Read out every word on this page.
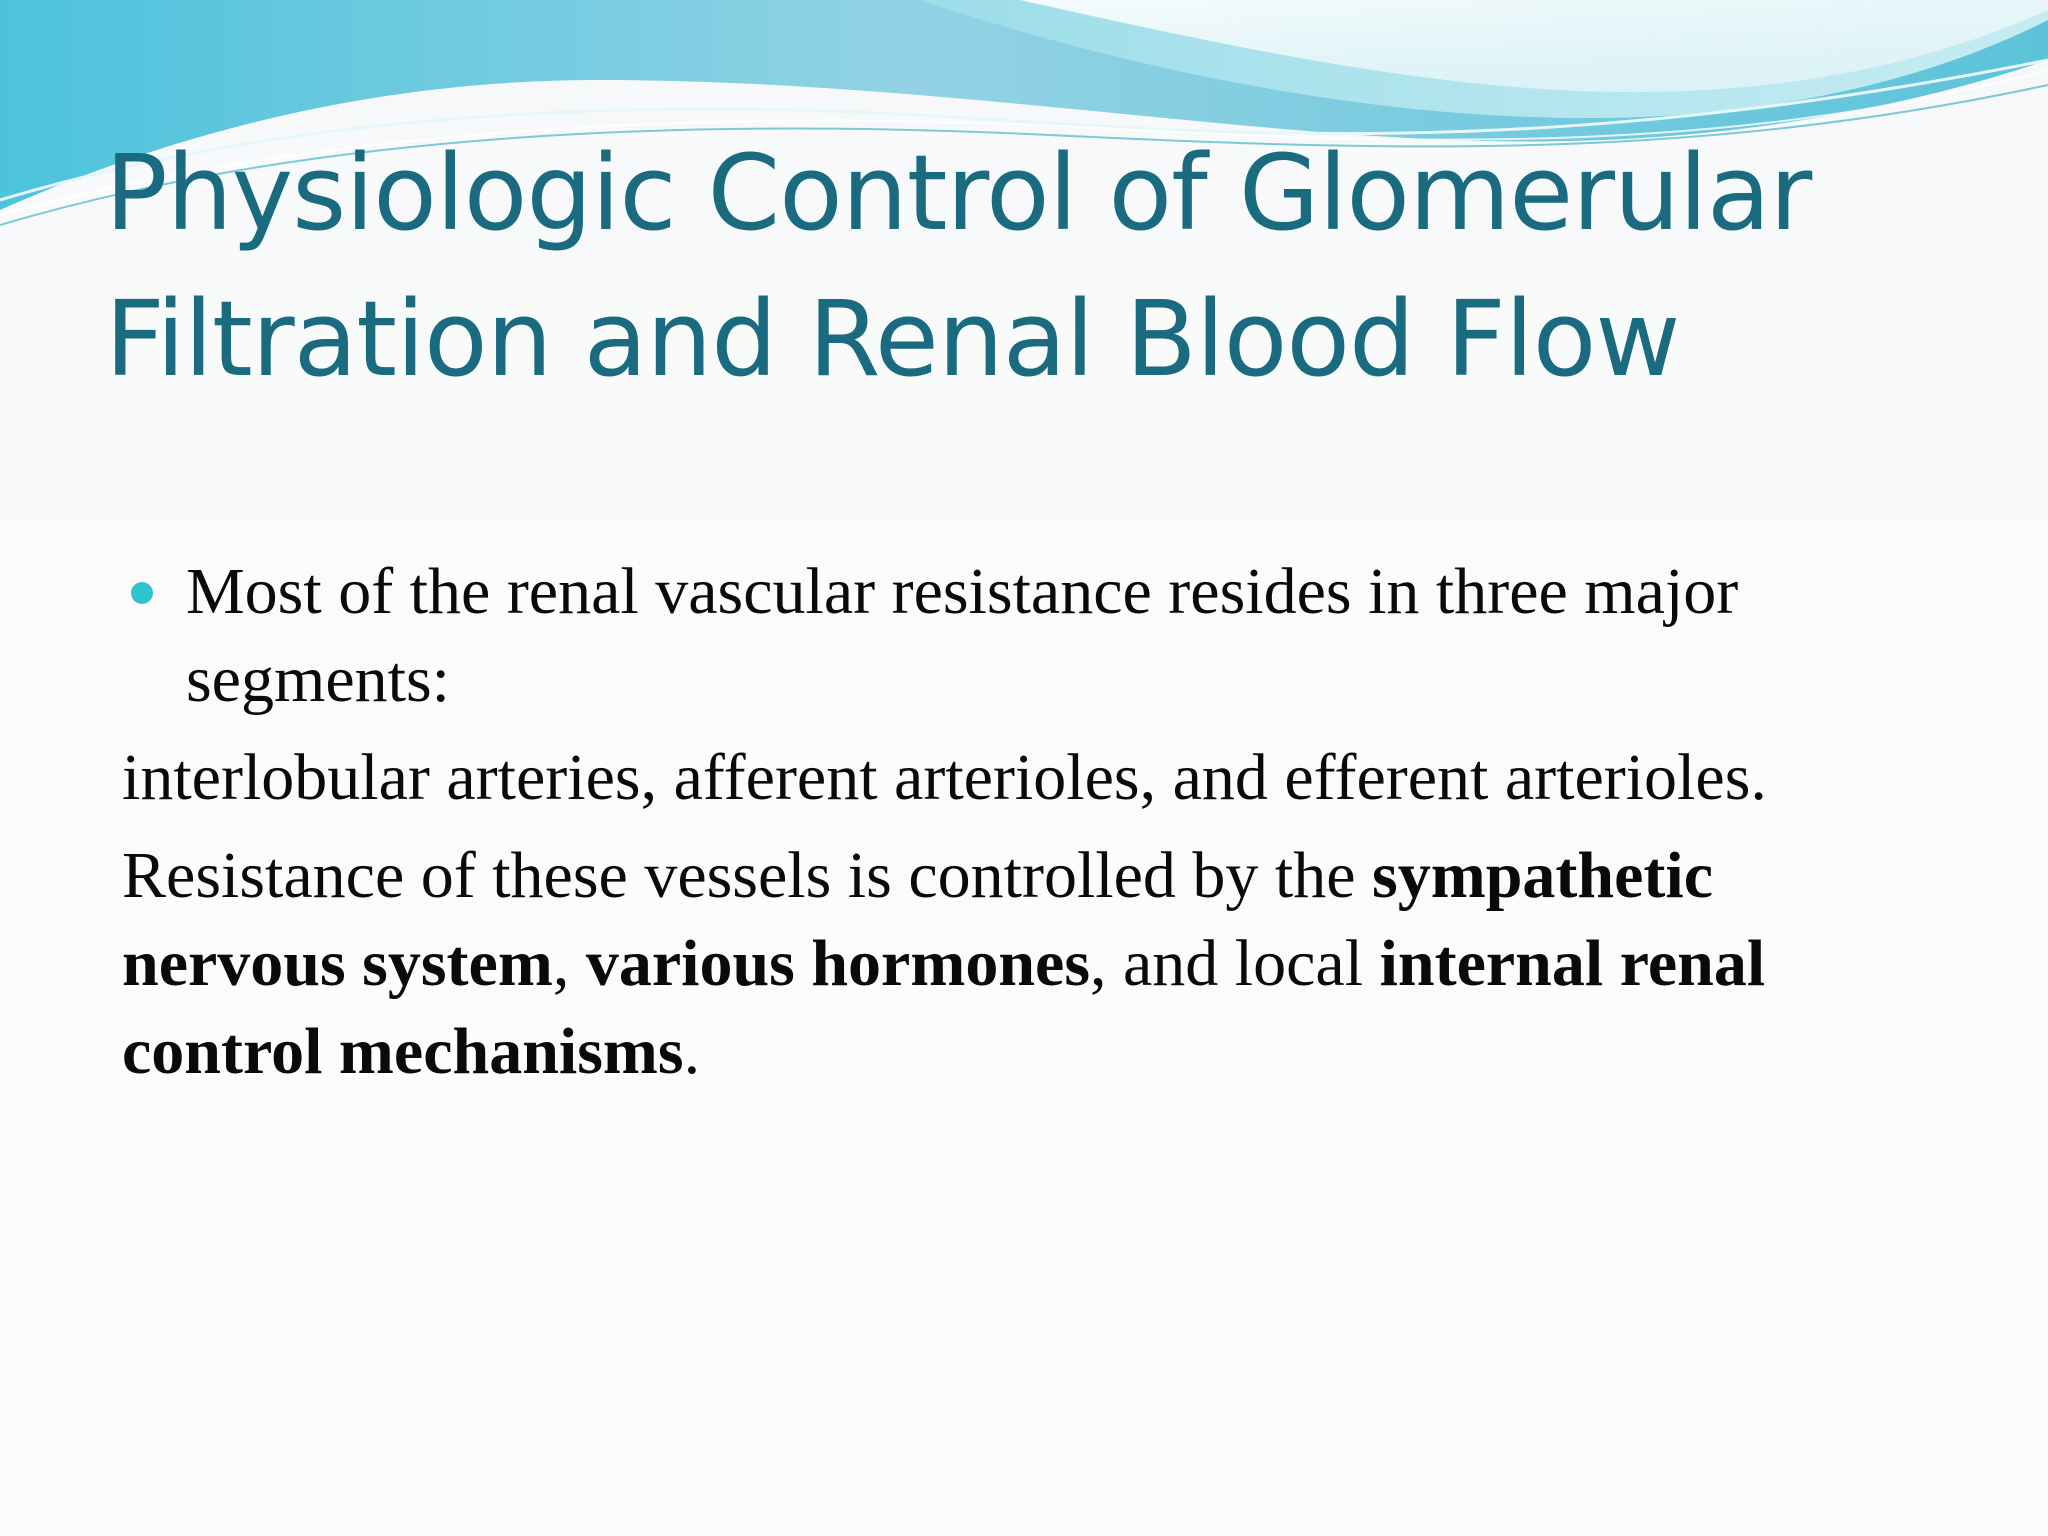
Physiologic Control of Glomerular
Filtration and Renal Blood Flow
Most of the renal vascular resistance resides in three major segments:

interlobular arteries, afferent arterioles, and efferent arterioles.

Resistance of these vessels is controlled by the sympathetic nervous system, various hormones, and local internal renal control mechanisms.
